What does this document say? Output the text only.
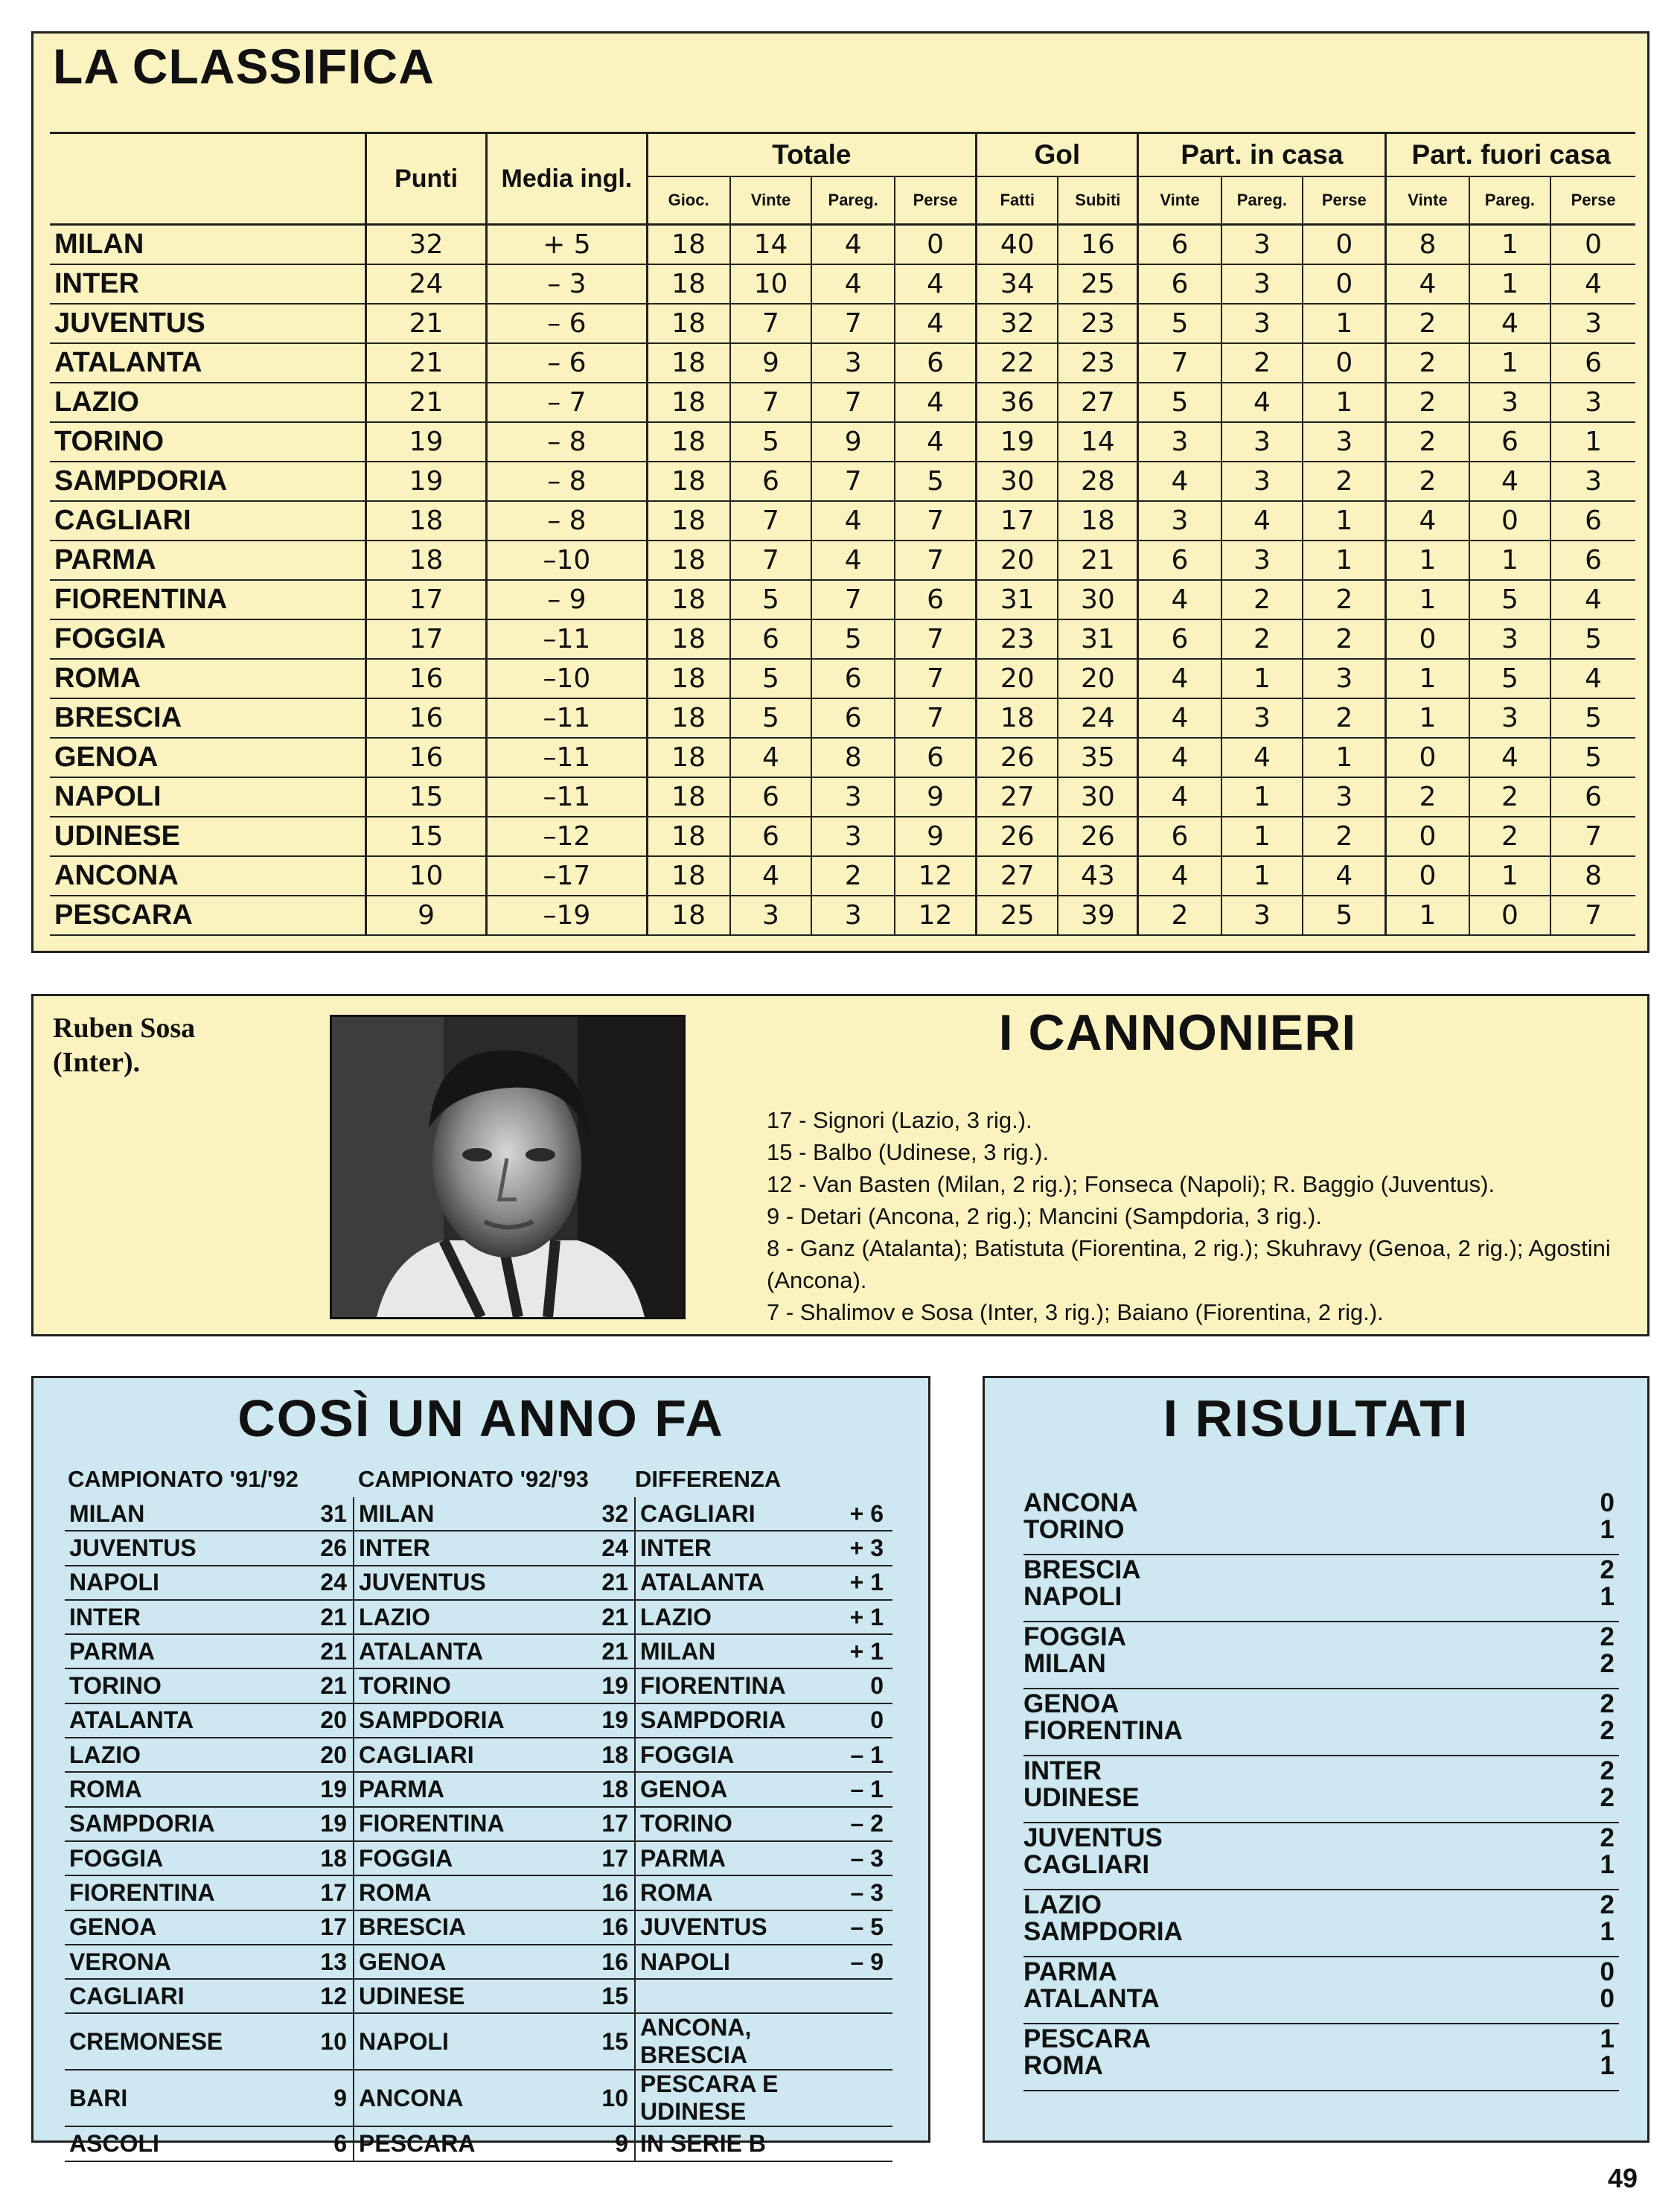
LA CLASSIFICA
	Punti	Media ingl.	Totale				Gol		Part. in casa			Part. fuori casa		
			Gioc.	Vinte	Pareg.	Perse	Fatti	Subiti	Vinte	Pareg.	Perse	Vinte	Pareg.	Perse
MILAN	32	+ 5	18	14	4	0	40	16	6	3	0	8	1	0
INTER	24	– 3	18	10	4	4	34	25	6	3	0	4	1	4
JUVENTUS	21	– 6	18	7	7	4	32	23	5	3	1	2	4	3
ATALANTA	21	– 6	18	9	3	6	22	23	7	2	0	2	1	6
LAZIO	21	– 7	18	7	7	4	36	27	5	4	1	2	3	3
TORINO	19	– 8	18	5	9	4	19	14	3	3	3	2	6	1
SAMPDORIA	19	– 8	18	6	7	5	30	28	4	3	2	2	4	3
CAGLIARI	18	– 8	18	7	4	7	17	18	3	4	1	4	0	6
PARMA	18	–10	18	7	4	7	20	21	6	3	1	1	1	6
FIORENTINA	17	– 9	18	5	7	6	31	30	4	2	2	1	5	4
FOGGIA	17	–11	18	6	5	7	23	31	6	2	2	0	3	5
ROMA	16	–10	18	5	6	7	20	20	4	1	3	1	5	4
BRESCIA	16	–11	18	5	6	7	18	24	4	3	2	1	3	5
GENOA	16	–11	18	4	8	6	26	35	4	4	1	0	4	5
NAPOLI	15	–11	18	6	3	9	27	30	4	1	3	2	2	6
UDINESE	15	–12	18	6	3	9	26	26	6	1	2	0	2	7
ANCONA	10	–17	18	4	2	12	27	43	4	1	4	0	1	8
PESCARA	9	–19	18	3	3	12	25	39	2	3	5	1	0	7
Ruben Sosa
(Inter).
I CANNONIERI
17 - Signori (Lazio, 3 rig.).
15 - Balbo (Udinese, 3 rig.).
12 - Van Basten (Milan, 2 rig.); Fonseca (Napoli); R. Baggio (Juventus).
9 - Detari (Ancona, 2 rig.); Mancini (Sampdoria, 3 rig.).
8 - Ganz (Atalanta); Batistuta (Fiorentina, 2 rig.); Skuhravy (Genoa, 2 rig.); Agostini (Ancona).
7 - Shalimov e Sosa (Inter, 3 rig.); Baiano (Fiorentina, 2 rig.).
COSÌ UN ANNO FA
CAMPIONATO '91/'92	CAMPIONATO '92/'93 DIFFERENZA
MILAN	31	MILAN	32	CAGLIARI	+ 6
JUVENTUS	26	INTER	24	INTER	+ 3
NAPOLI	24	JUVENTUS	21	ATALANTA	+ 1
INTER	21	LAZIO	21	LAZIO	+ 1
PARMA	21	ATALANTA	21	MILAN	+ 1
TORINO	21	TORINO	19	FIORENTINA	0
ATALANTA	20	SAMPDORIA	19	SAMPDORIA	0
LAZIO	20	CAGLIARI	18	FOGGIA	– 1
ROMA	19	PARMA	18	GENOA	– 1
SAMPDORIA	19	FIORENTINA	17	TORINO	– 2
FOGGIA	18	FOGGIA	17	PARMA	– 3
FIORENTINA	17	ROMA	16	ROMA	– 3
GENOA	17	BRESCIA	16	JUVENTUS	– 5
VERONA	13	GENOA	16	NAPOLI	– 9
CAGLIARI	12	UDINESE	15		
CREMONESE	10	NAPOLI	15	ANCONA, BRESCIA	
BARI	9	ANCONA	10	PESCARA E UDINESE	
ASCOLI	6	PESCARA	9	IN SERIE B	
I RISULTATI
ANCONA	0
TORINO	1
BRESCIA	2
NAPOLI	1
FOGGIA	2
MILAN	2
GENOA	2
FIORENTINA	2
INTER	2
UDINESE	2
JUVENTUS	2
CAGLIARI	1
LAZIO	2
SAMPDORIA	1
PARMA	0
ATALANTA	0
PESCARA	1
ROMA	1
49
